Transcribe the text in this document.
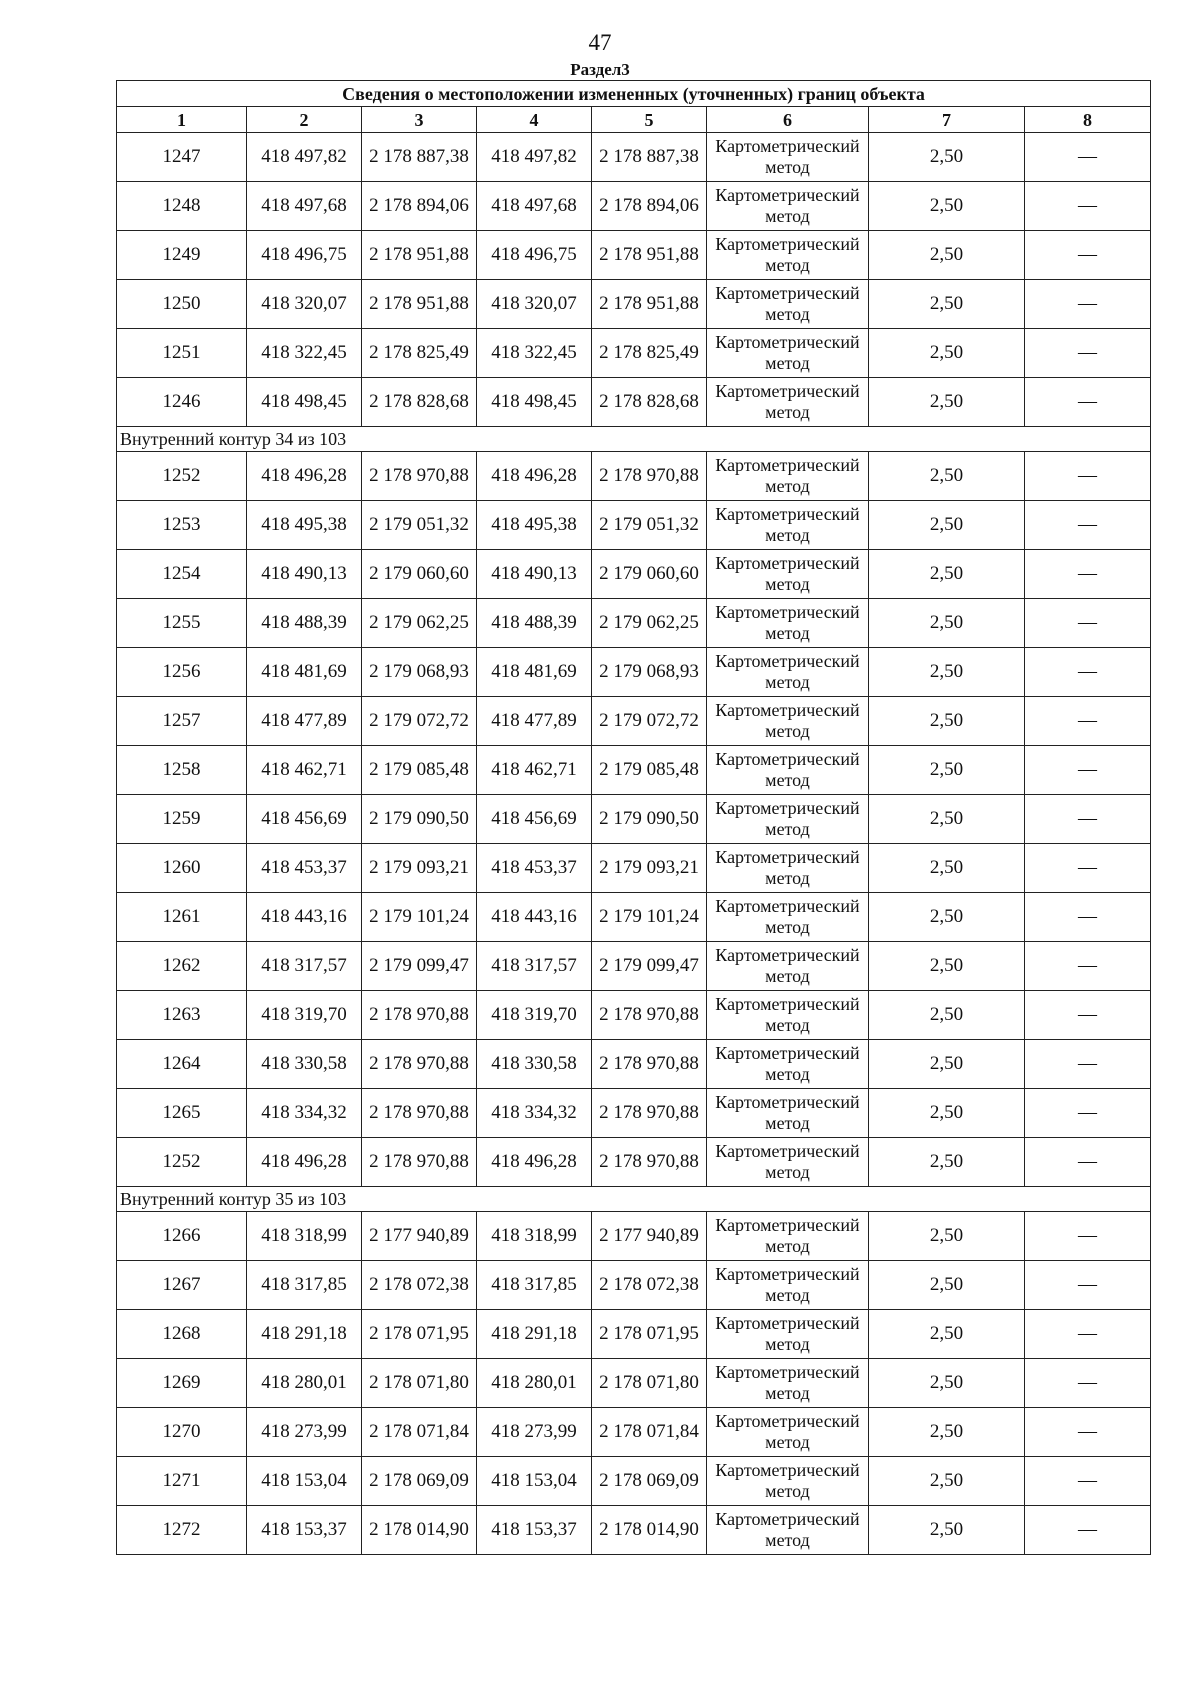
47
Раздел3
Сведения о местоположении измененных (уточненных) границ объекта							
1	2	3	4	5	6	7	8
1247	418 497,82	2 178 887,38	418 497,82	2 178 887,38	Картометрический метод	2,50	—
1248	418 497,68	2 178 894,06	418 497,68	2 178 894,06	Картометрический метод	2,50	—
1249	418 496,75	2 178 951,88	418 496,75	2 178 951,88	Картометрический метод	2,50	—
1250	418 320,07	2 178 951,88	418 320,07	2 178 951,88	Картометрический метод	2,50	—
1251	418 322,45	2 178 825,49	418 322,45	2 178 825,49	Картометрический метод	2,50	—
1246	418 498,45	2 178 828,68	418 498,45	2 178 828,68	Картометрический метод	2,50	—
Внутренний контур 34 из 103							
1252	418 496,28	2 178 970,88	418 496,28	2 178 970,88	Картометрический метод	2,50	—
1253	418 495,38	2 179 051,32	418 495,38	2 179 051,32	Картометрический метод	2,50	—
1254	418 490,13	2 179 060,60	418 490,13	2 179 060,60	Картометрический метод	2,50	—
1255	418 488,39	2 179 062,25	418 488,39	2 179 062,25	Картометрический метод	2,50	—
1256	418 481,69	2 179 068,93	418 481,69	2 179 068,93	Картометрический метод	2,50	—
1257	418 477,89	2 179 072,72	418 477,89	2 179 072,72	Картометрический метод	2,50	—
1258	418 462,71	2 179 085,48	418 462,71	2 179 085,48	Картометрический метод	2,50	—
1259	418 456,69	2 179 090,50	418 456,69	2 179 090,50	Картометрический метод	2,50	—
1260	418 453,37	2 179 093,21	418 453,37	2 179 093,21	Картометрический метод	2,50	—
1261	418 443,16	2 179 101,24	418 443,16	2 179 101,24	Картометрический метод	2,50	—
1262	418 317,57	2 179 099,47	418 317,57	2 179 099,47	Картометрический метод	2,50	—
1263	418 319,70	2 178 970,88	418 319,70	2 178 970,88	Картометрический метод	2,50	—
1264	418 330,58	2 178 970,88	418 330,58	2 178 970,88	Картометрический метод	2,50	—
1265	418 334,32	2 178 970,88	418 334,32	2 178 970,88	Картометрический метод	2,50	—
1252	418 496,28	2 178 970,88	418 496,28	2 178 970,88	Картометрический метод	2,50	—
Внутренний контур 35 из 103							
1266	418 318,99	2 177 940,89	418 318,99	2 177 940,89	Картометрический метод	2,50	—
1267	418 317,85	2 178 072,38	418 317,85	2 178 072,38	Картометрический метод	2,50	—
1268	418 291,18	2 178 071,95	418 291,18	2 178 071,95	Картометрический метод	2,50	—
1269	418 280,01	2 178 071,80	418 280,01	2 178 071,80	Картометрический метод	2,50	—
1270	418 273,99	2 178 071,84	418 273,99	2 178 071,84	Картометрический метод	2,50	—
1271	418 153,04	2 178 069,09	418 153,04	2 178 069,09	Картометрический метод	2,50	—
1272	418 153,37	2 178 014,90	418 153,37	2 178 014,90	Картометрический метод	2,50	—
